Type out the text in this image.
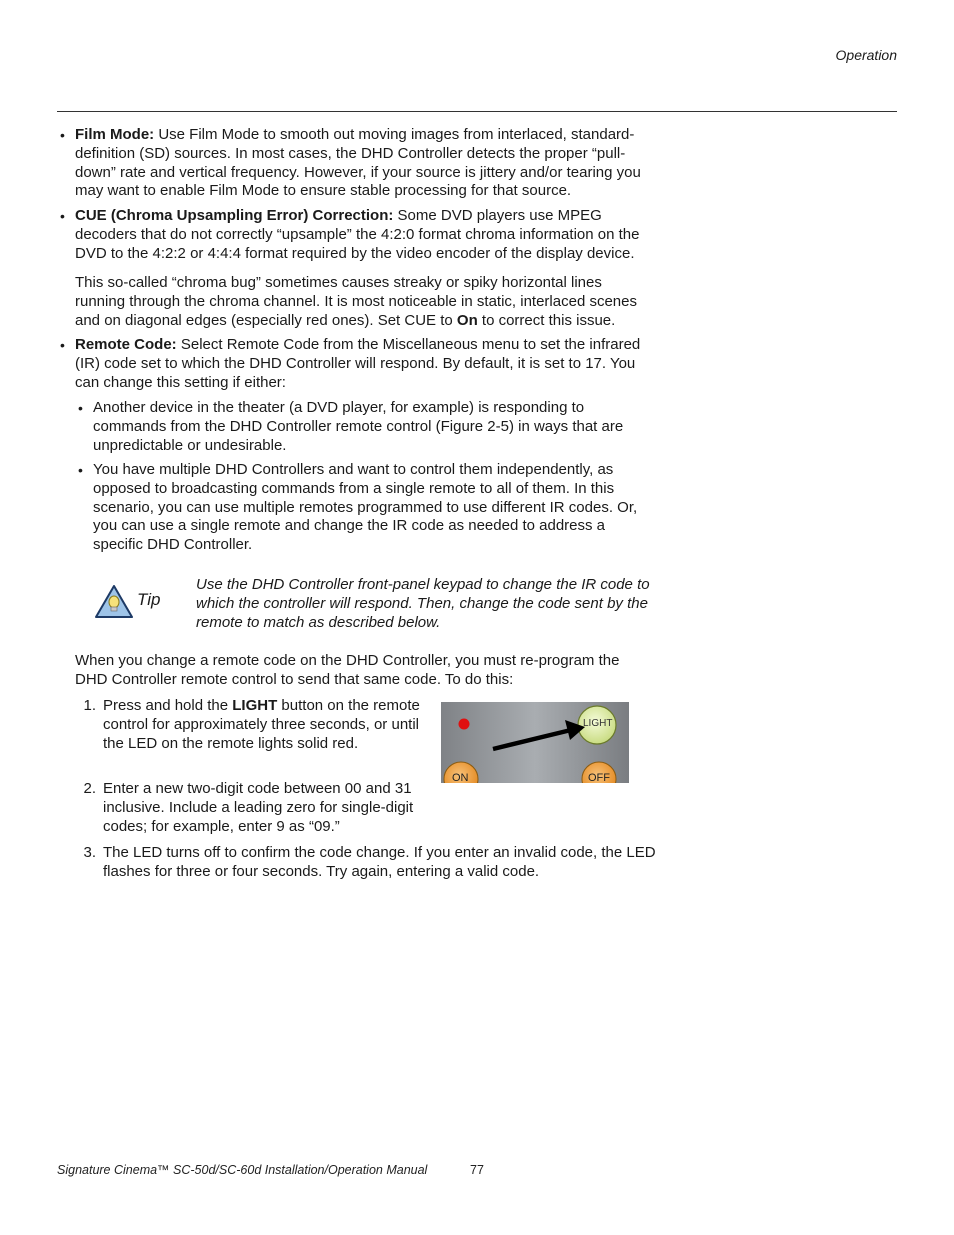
Operation
• Film Mode: Use Film Mode to smooth out moving images from interlaced, standard-definition (SD) sources. In most cases, the DHD Controller detects the proper “pull-down” rate and vertical frequency. However, if your source is jittery and/or tearing you may want to enable Film Mode to ensure stable processing for that source.
• CUE (Chroma Upsampling Error) Correction: Some DVD players use MPEG decoders that do not correctly “upsample” the 4:2:0 format chroma information on the DVD to the 4:2:2 or 4:4:4 format required by the video encoder of the display device.
This so-called “chroma bug” sometimes causes streaky or spiky horizontal lines running through the chroma channel. It is most noticeable in static, interlaced scenes and on diagonal edges (especially red ones). Set CUE to On to correct this issue.
• Remote Code: Select Remote Code from the Miscellaneous menu to set the infrared (IR) code set to which the DHD Controller will respond. By default, it is set to 17. You can change this setting if either:
• Another device in the theater (a DVD player, for example) is responding to commands from the DHD Controller remote control (Figure 2-5) in ways that are unpredictable or undesirable.
• You have multiple DHD Controllers and want to control them independently, as opposed to broadcasting commands from a single remote to all of them. In this scenario, you can use multiple remotes programmed to use different IR codes. Or, you can use a single remote and change the IR code as needed to address a specific DHD Controller.
Tip
Use the DHD Controller front-panel keypad to change the IR code to which the controller will respond. Then, change the code sent by the remote to match as described below.
When you change a remote code on the DHD Controller, you must re-program the DHD Controller remote control to send that same code. To do this:
1. Press and hold the LIGHT button on the remote control for approximately three seconds, or until the LED on the remote lights solid red.
2. Enter a new two-digit code between 00 and 31 inclusive. Include a leading zero for single-digit codes; for example, enter 9 as “09.”
3. The LED turns off to confirm the code change. If you enter an invalid code, the LED flashes for three or four seconds. Try again, entering a valid code.
LIGHT
ON	OFF
Signature Cinema™ SC-50d/SC-60d Installation/Operation Manual	77
